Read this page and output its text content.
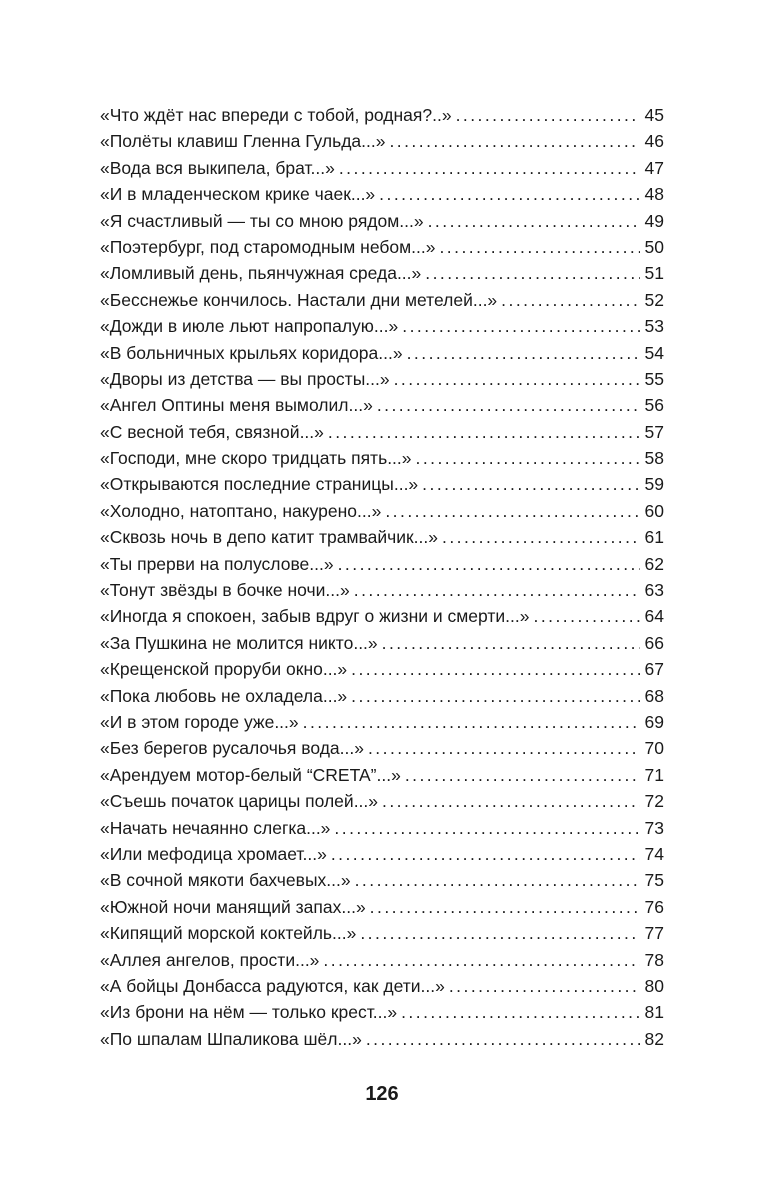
«Что ждёт нас впереди с тобой, родная?..» . . .	45
«Полёты клавиш Гленна Гульда...» . . .	46
«Вода вся выкипела, брат...» . . .	47
«И в младенческом крике чаек...» . . .	48
«Я счастливый — ты со мною рядом...» . . .	49
«Поэтербург, под старомодным небом...» . . .	50
«Ломливый день, пьянчужная среда...» . . .	51
«Бесснежье кончилось. Настали дни метелей...» . . .	52
«Дожди в июле льют напропалую...» . . .	53
«В больничных крыльях коридора...» . . .	54
«Дворы из детства — вы просты...» . . .	55
«Ангел Оптины меня вымолил...» . . .	56
«С весной тебя, связной...» . . .	57
«Господи, мне скоро тридцать пять...» . . .	58
«Открываются последние страницы...» . . .	59
«Холодно, натоптано, накурено...» . . .	60
«Сквозь ночь в депо катит трамвайчик...» . . .	61
«Ты прерви на полуслове...» . . .	62
«Тонут звёзды в бочке ночи...» . . .	63
«Иногда я спокоен, забыв вдруг о жизни и смерти...» . . .	64
«За Пушкина не молится никто...» . . .	66
«Крещенской проруби окно...» . . .	67
«Пока любовь не охладела...» . . .	68
«И в этом городе уже...» . . .	69
«Без берегов русалочья вода...» . . .	70
«Арендуем мотор-белый “CRETA”...» . . .	71
«Съешь початок царицы полей...» . . .	72
«Начать нечаянно слегка...» . . .	73
«Или мефодица хромает...» . . .	74
«В сочной мякоти бахчевых...» . . .	75
«Южной ночи манящий запах...» . . .	76
«Кипящий морской коктейль...» . . .	77
«Аллея ангелов, прости...» . . .	78
«А бойцы Донбасса радуются, как дети...» . . .	80
«Из брони на нём — только крест...» . . .	81
«По шпалам Шпаликова шёл...» . . .	82
126
